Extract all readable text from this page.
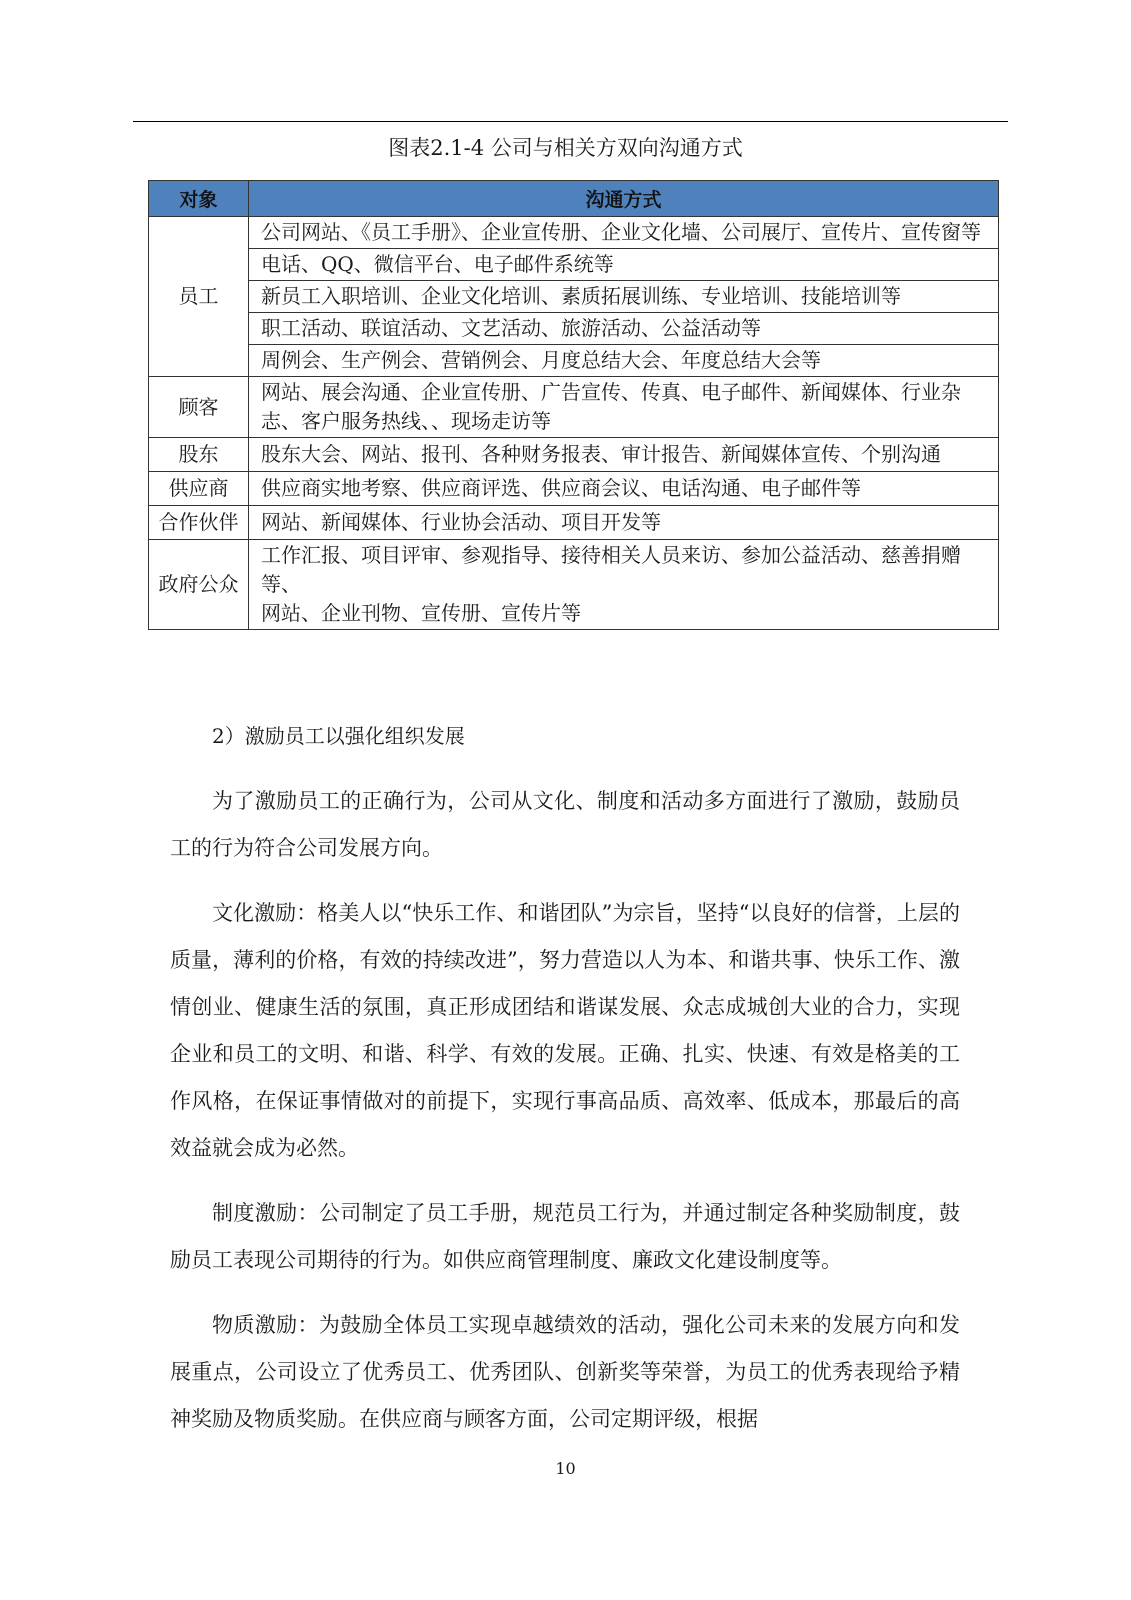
图表2.1-4 公司与相关方双向沟通方式
对象	沟通方式
员工	公司网站、《员工手册》、企业宣传册、企业文化墙、公司展厅、宣传片、宣传窗等
	电话、QQ、微信平台、电子邮件系统等
	新员工入职培训、企业文化培训、素质拓展训练、专业培训、技能培训等
	职工活动、联谊活动、文艺活动、旅游活动、公益活动等
	周例会、生产例会、营销例会、月度总结大会、年度总结大会等
顾客	网站、展会沟通、企业宣传册、广告宣传、传真、电子邮件、新闻媒体、行业杂志、客户服务热线、、现场走访等
股东	股东大会、网站、报刊、各种财务报表、审计报告、新闻媒体宣传、个别沟通
供应商	供应商实地考察、供应商评选、供应商会议、电话沟通、电子邮件等
合作伙伴	网站、新闻媒体、行业协会活动、项目开发等
政府公众	工作汇报、项目评审、参观指导、接待相关人员来访、参加公益活动、慈善捐赠等、
网站、企业刊物、宣传册、宣传片等
2）激励员工以强化组织发展

为了激励员工的正确行为，公司从文化、制度和活动多方面进行了激励，鼓励员工的行为符合公司发展方向。

文化激励：格美人以“快乐工作、和谐团队”为宗旨，坚持“以良好的信誉，上层的质量，薄利的价格，有效的持续改进”，努力营造以人为本、和谐共事、快乐工作、激情创业、健康生活的氛围，真正形成团结和谐谋发展、众志成城创大业的合力，实现企业和员工的文明、和谐、科学、有效的发展。正确、扎实、快速、有效是格美的工作风格，在保证事情做对的前提下，实现行事高品质、高效率、低成本，那最后的高效益就会成为必然。

制度激励：公司制定了员工手册，规范员工行为，并通过制定各种奖励制度，鼓励员工表现公司期待的行为。如供应商管理制度、廉政文化建设制度等。

物质激励：为鼓励全体员工实现卓越绩效的活动，强化公司未来的发展方向和发展重点，公司设立了优秀员工、优秀团队、创新奖等荣誉，为员工的优秀表现给予精神奖励及物质奖励。在供应商与顾客方面，公司定期评级，根据

10
